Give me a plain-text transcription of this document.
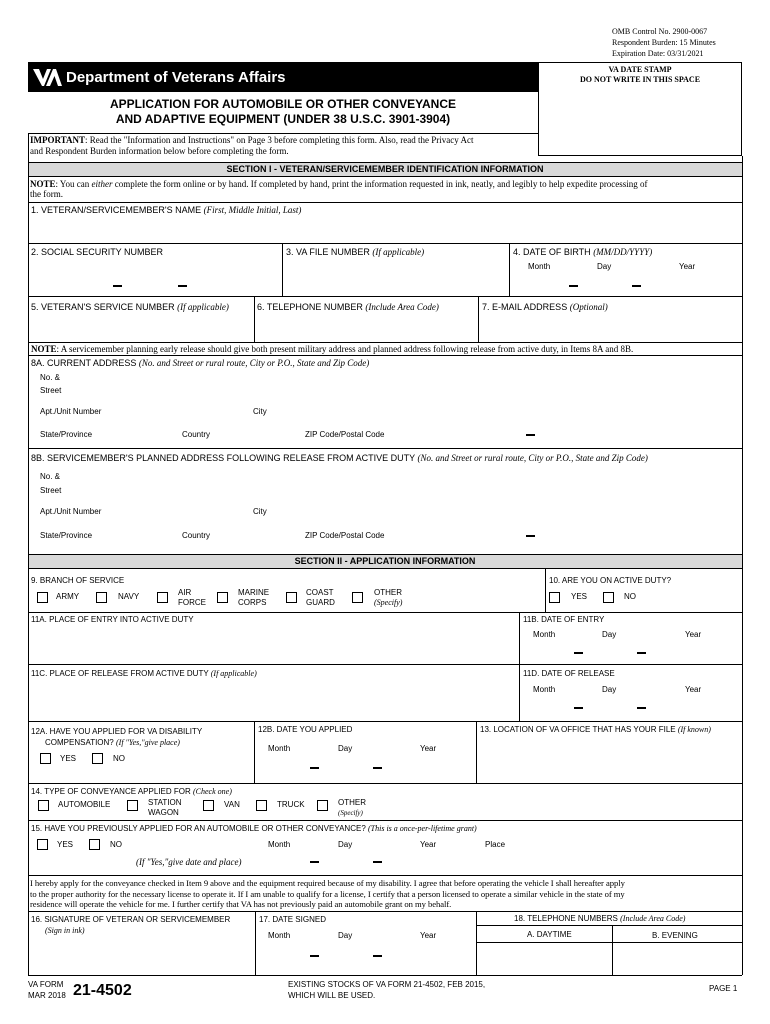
OMB Control No. 2900-0067
Respondent Burden: 15 Minutes
Expiration Date: 03/31/2021
Department of Veterans Affairs	VA DATE STAMP
DO NOT WRITE IN THIS SPACE
APPLICATION FOR AUTOMOBILE OR OTHER CONVEYANCE
AND ADAPTIVE EQUIPMENT (UNDER 38 U.S.C. 3901-3904)
IMPORTANT: Read the "Information and Instructions" on Page 3 before completing this form. Also, read the Privacy Act
and Respondent Burden information below before completing the form.
SECTION I - VETERAN/SERVICEMEMBER IDENTIFICATION INFORMATION
NOTE: You can either complete the form online or by hand. If completed by hand, print the information requested in ink, neatly, and legibly to help expedite processing of
the form.
1. VETERAN/SERVICEMEMBER'S NAME (First, Middle Initial, Last)
2. SOCIAL SECURITY NUMBER	3. VA FILE NUMBER (If applicable)	4. DATE OF BIRTH (MM/DD/YYYY)
Month	Day	Year
5. VETERAN'S SERVICE NUMBER (If applicable)	6. TELEPHONE NUMBER (Include Area Code)	7. E-MAIL ADDRESS (Optional)
NOTE: A servicemember planning early release should give both present military address and planned address following release from active duty, in Items 8A and 8B.
8A. CURRENT ADDRESS (No. and Street or rural route, City or P.O., State and Zip Code)
No. &
Street
Apt./Unit Number	City
State/Province	Country	ZIP Code/Postal Code
8B. SERVICEMEMBER'S PLANNED ADDRESS FOLLOWING RELEASE FROM ACTIVE DUTY (No. and Street or rural route, City or P.O., State and Zip Code)
No. &
Street
Apt./Unit Number	City
State/Province	Country	ZIP Code/Postal Code
SECTION II - APPLICATION INFORMATION
9. BRANCH OF SERVICE
ARMY	NAVY	AIR
FORCE
MARINE
CORPS
COAST
GUARD
OTHER
(Specify)
10. ARE YOU ON ACTIVE DUTY?
YES	NO
11A. PLACE OF ENTRY INTO ACTIVE DUTY	11B. DATE OF ENTRY
Month	Day	Year
11C. PLACE OF RELEASE FROM ACTIVE DUTY (If applicable)	11D. DATE OF RELEASE
Month	Day	Year
12A. HAVE YOU APPLIED FOR VA DISABILITY
COMPENSATION? (If "Yes,"give place)
YES	NO
12B. DATE YOU APPLIED
Month	Day	Year
13. LOCATION OF VA OFFICE THAT HAS YOUR FILE (If known)
14. TYPE OF CONVEYANCE APPLIED FOR (Check one)
AUTOMOBILE	STATION
WAGON
VAN	TRUCK	OTHER
(Specify)
15. HAVE YOU PREVIOUSLY APPLIED FOR AN AUTOMOBILE OR OTHER CONVEYANCE? (This is a once-per-lifetime grant)
YES	NO	Month	Day	Year	Place
(If "Yes,"give date and place)
I hereby apply for the conveyance checked in Item 9 above and the equipment required because of my disability. I agree that before operating the vehicle I shall hereafter apply
to the proper authority for the necessary license to operate it. If I am unable to qualify for a license, I certify that a person licensed to operate a similar vehicle in the state of my
residence will operate the vehicle for me. I further certify that VA has not previously paid an automobile grant on my behalf.
16. SIGNATURE OF VETERAN OR SERVICEMEMBER
(Sign in ink)
17. DATE SIGNED
Month	Day	Year
18. TELEPHONE NUMBERS (Include Area Code)
A. DAYTIME	B. EVENING
VA FORM
MAR 2018 21-4502	EXISTING STOCKS OF VA FORM 21-4502, FEB 2015,
WHICH WILL BE USED.
PAGE 1
